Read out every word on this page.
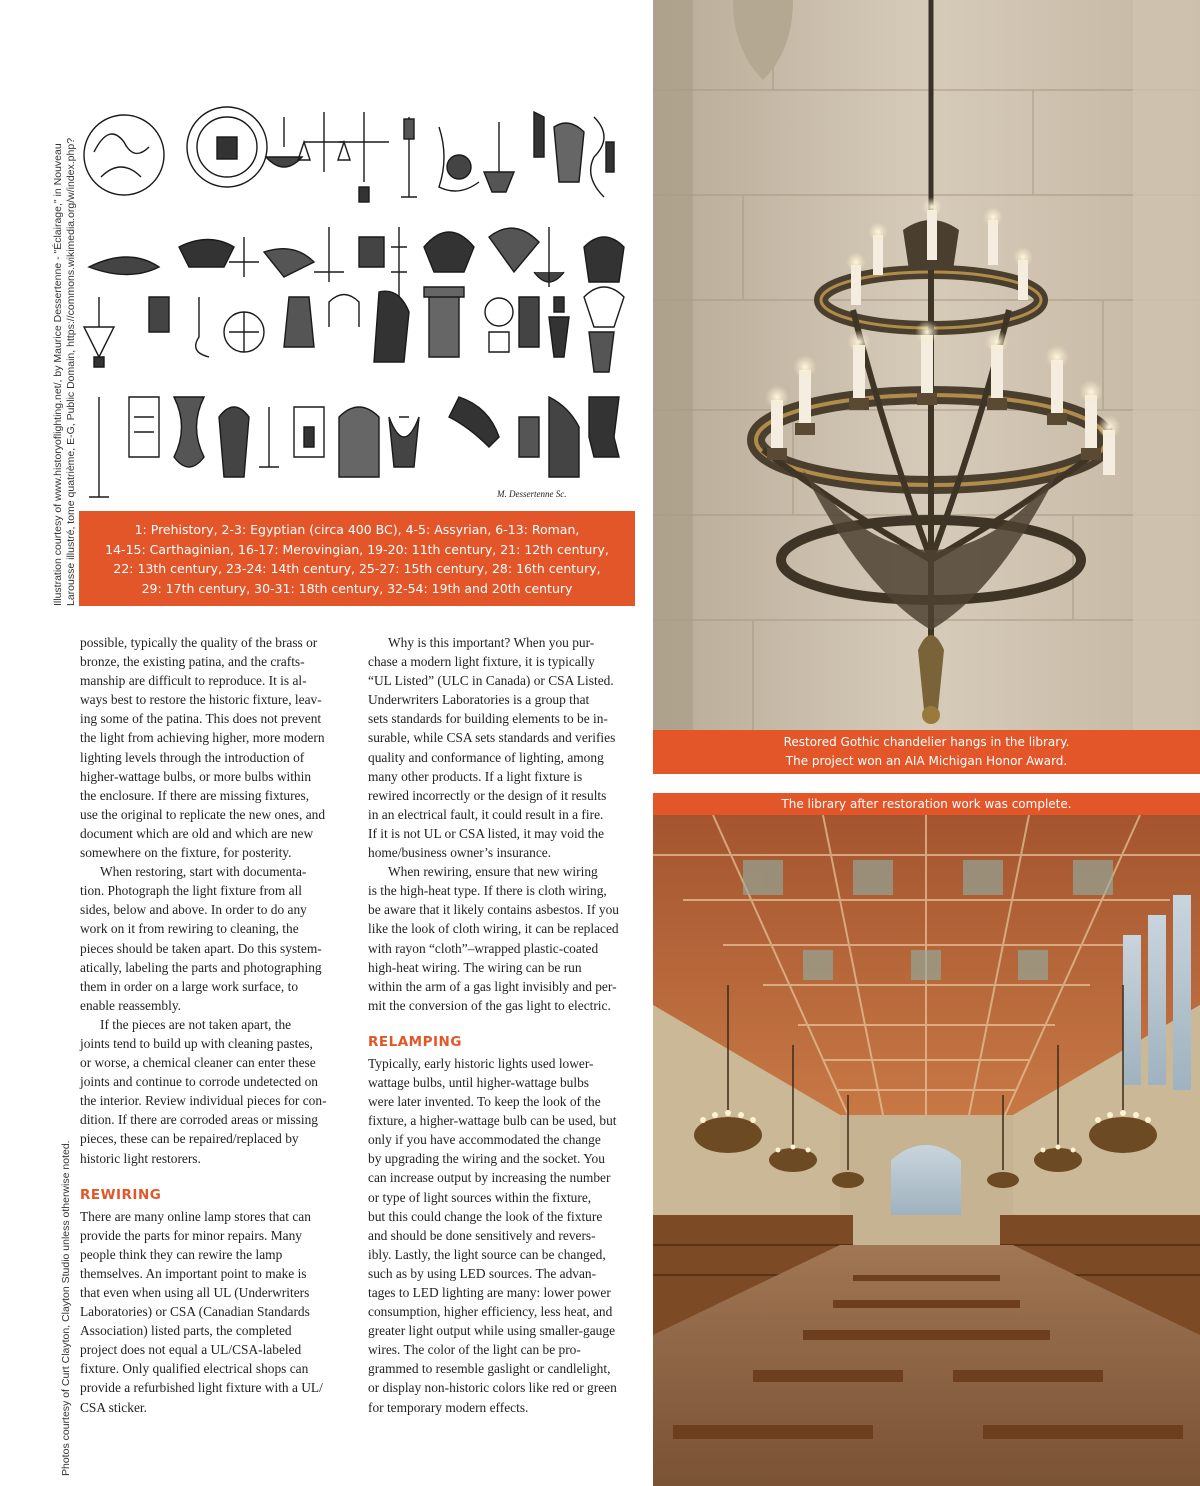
Illustration courtesy of www.historyoflighting.net/, by Maurice Dessertenne - "Éclairage," in Nouveau Larousse illustré, tome quatrième, E-G, Public Domain, https://commons.wikimedia.org/w/index.php?
Photos courtesy of Curt Clayton, Clayton Studio unless otherwise noted.
M. Dessertenne Sc.
1: Prehistory, 2-3: Egyptian (circa 400 BC), 4-5: Assyrian, 6-13: Roman,
14-15: Carthaginian, 16-17: Merovingian, 19-20: 11th century, 21: 12th century,
22: 13th century, 23-24: 14th century, 25-27: 15th century, 28: 16th century,
29: 17th century, 30-31: 18th century, 32-54: 19th and 20th century
Restored Gothic chandelier hangs in the library.
The project won an AIA Michigan Honor Award.
The library after restoration work was complete.

possible, typically the quality of the brass or
bronze, the existing patina, and the crafts-
manship are difficult to reproduce. It is al-
ways best to restore the historic fixture, leav-
ing some of the patina. This does not prevent
the light from achieving higher, more modern
lighting levels through the introduction of
higher-wattage bulbs, or more bulbs within
the enclosure. If there are missing fixtures,
use the original to replicate the new ones, and
document which are old and which are new
somewhere on the fixture, for posterity.

When restoring, start with documenta-
tion. Photograph the light fixture from all
sides, below and above. In order to do any
work on it from rewiring to cleaning, the
pieces should be taken apart. Do this system-
atically, labeling the parts and photographing
them in order on a large work surface, to
enable reassembly.

If the pieces are not taken apart, the
joints tend to build up with cleaning pastes,
or worse, a chemical cleaner can enter these
joints and continue to corrode undetected on
the interior. Review individual pieces for con-
dition. If there are corroded areas or missing
pieces, these can be repaired/replaced by
historic light restorers.

REWIRING

There are many online lamp stores that can
provide the parts for minor repairs. Many
people think they can rewire the lamp
themselves. An important point to make is
that even when using all UL (Underwriters
Laboratories) or CSA (Canadian Standards
Association) listed parts, the completed
project does not equal a UL/CSA-labeled
fixture. Only qualified electrical shops can
provide a refurbished light fixture with a UL/
CSA sticker.

Why is this important? When you pur-
chase a modern light fixture, it is typically
“UL Listed” (ULC in Canada) or CSA Listed.
Underwriters Laboratories is a group that
sets standards for building elements to be in-
surable, while CSA sets standards and verifies
quality and conformance of lighting, among
many other products. If a light fixture is
rewired incorrectly or the design of it results
in an electrical fault, it could result in a fire.
If it is not UL or CSA listed, it may void the
home/business owner’s insurance.

When rewiring, ensure that new wiring
is the high-heat type. If there is cloth wiring,
be aware that it likely contains asbestos. If you
like the look of cloth wiring, it can be replaced
with rayon “cloth”–wrapped plastic-coated
high-heat wiring. The wiring can be run
within the arm of a gas light invisibly and per-
mit the conversion of the gas light to electric.

RELAMPING

Typically, early historic lights used lower-
wattage bulbs, until higher-wattage bulbs
were later invented. To keep the look of the
fixture, a higher-wattage bulb can be used, but
only if you have accommodated the change
by upgrading the wiring and the socket. You
can increase output by increasing the number
or type of light sources within the fixture,
but this could change the look of the fixture
and should be done sensitively and revers-
ibly. Lastly, the light source can be changed,
such as by using LED sources. The advan-
tages to LED lighting are many: lower power
consumption, higher efficiency, less heat, and
greater light output while using smaller-gauge
wires. The color of the light can be pro-
grammed to resemble gaslight or candlelight,
or display non-historic colors like red or green
for temporary modern effects.
